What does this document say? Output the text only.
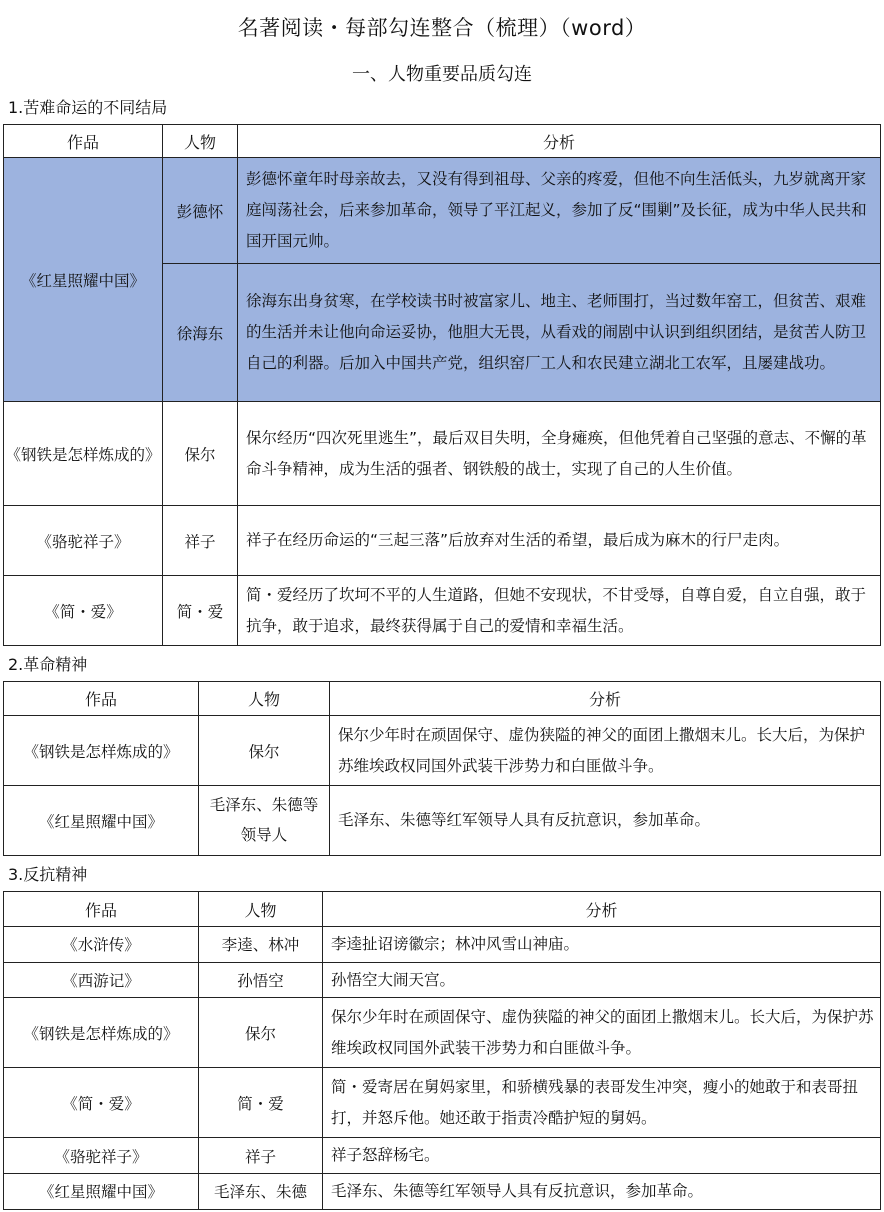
名著阅读・每部勾连整合（梳理）（word）
一、人物重要品质勾连
1.苦难命运的不同结局
作品	人物	分析
《红星照耀中国》	彭德怀	彭德怀童年时母亲故去，又没有得到祖母、父亲的疼爱，但他不向生活低头，九岁就离开家庭闯荡社会，后来参加革命，领导了平江起义，参加了反“围剿”及长征，成为中华人民共和国开国元帅。
	徐海东	徐海东出身贫寒，在学校读书时被富家儿、地主、老师围打，当过数年窑工，但贫苦、艰难的生活并未让他向命运妥协，他胆大无畏，从看戏的闹剧中认识到组织团结，是贫苦人防卫自己的利器。后加入中国共产党，组织窑厂工人和农民建立湖北工农军，且屡建战功。
《钢铁是怎样炼成的》	保尔	保尔经历“四次死里逃生”，最后双目失明，全身瘫痪，但他凭着自己坚强的意志、不懈的革命斗争精神，成为生活的强者、钢铁般的战士，实现了自己的人生价值。
《骆驼祥子》	祥子	祥子在经历命运的“三起三落”后放弃对生活的希望，最后成为麻木的行尸走肉。
《简・爱》	简・爱	简・爱经历了坎坷不平的人生道路，但她不安现状，不甘受辱，自尊自爱，自立自强，敢于抗争，敢于追求，最终获得属于自己的爱情和幸福生活。
2.革命精神
作品	人物	分析
《钢铁是怎样炼成的》	保尔	保尔少年时在顽固保守、虚伪狭隘的神父的面团上撒烟末儿。长大后，为保护苏维埃政权同国外武装干涉势力和白匪做斗争。
《红星照耀中国》	毛泽东、朱德等领导人	毛泽东、朱德等红军领导人具有反抗意识，参加革命。
3.反抗精神
作品	人物	分析
《水浒传》	李逵、林冲	李逵扯诏谤徽宗；林冲风雪山神庙。
《西游记》	孙悟空	孙悟空大闹天宫。
《钢铁是怎样炼成的》	保尔	保尔少年时在顽固保守、虚伪狭隘的神父的面团上撒烟末儿。长大后，为保护苏维埃政权同国外武装干涉势力和白匪做斗争。
《简・爱》	简・爱	简・爱寄居在舅妈家里，和骄横残暴的表哥发生冲突，瘦小的她敢于和表哥扭打，并怒斥他。她还敢于指责冷酷护短的舅妈。
《骆驼祥子》	祥子	祥子怒辞杨宅。
《红星照耀中国》	毛泽东、朱德	毛泽东、朱德等红军领导人具有反抗意识，参加革命。
